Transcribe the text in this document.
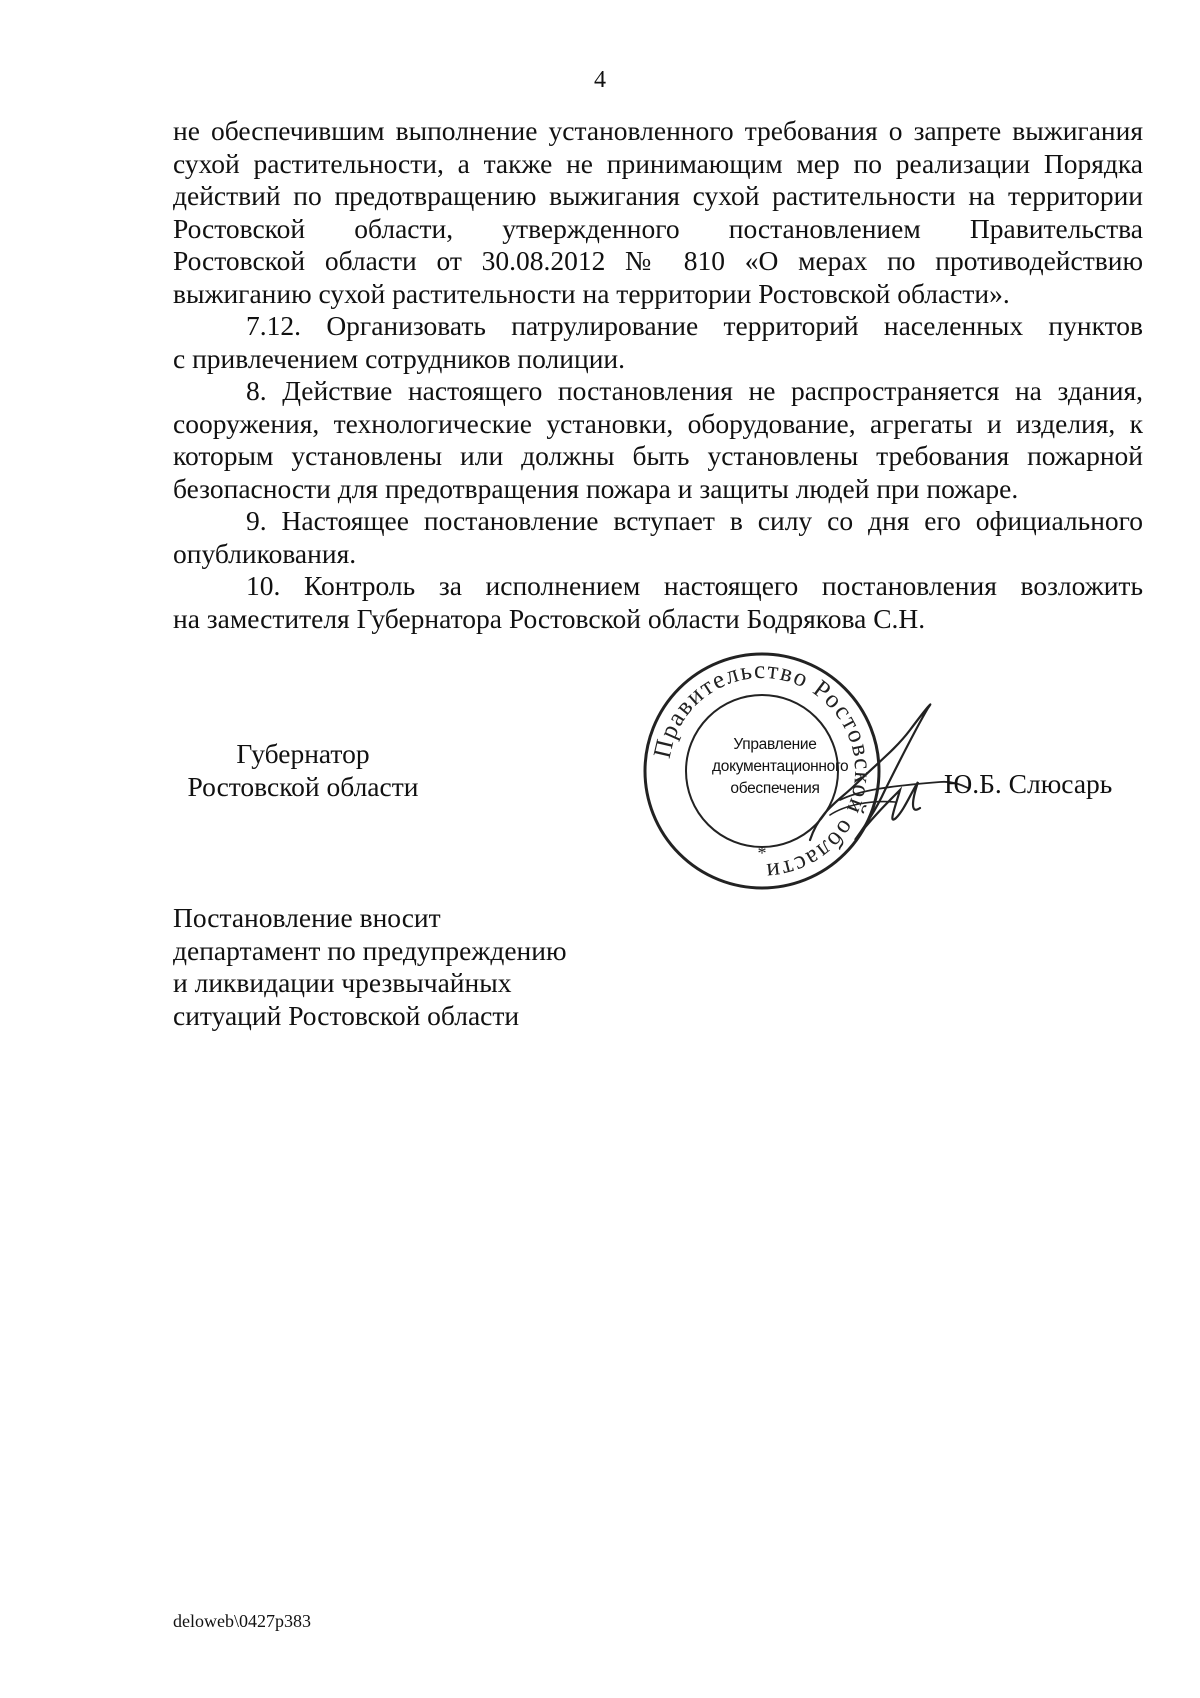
4

не обеспечившим выполнение установленного требования о запрете выжигания

сухой растительности, а также не принимающим мер по реализации Порядка

действий по предотвращению выжигания сухой растительности на территории

Ростовской области, утвержденного постановлением Правительства

Ростовской области от 30.08.2012 № 810 «О мерах по противодействию

выжиганию сухой растительности на территории Ростовской области».

7.12. Организовать патрулирование территорий населенных пунктов

с привлечением сотрудников полиции.

8. Действие настоящего постановления не распространяется на здания,

сооружения, технологические установки, оборудование, агрегаты и изделия, к которым установлены или должны быть установлены требования пожарной безопасности для предотвращения пожара и защиты людей при пожаре.

9. Настоящее постановление вступает в силу со дня его официального

опубликования.

10. Контроль за исполнением настоящего постановления возложить

на заместителя Губернатора Ростовской области Бодрякова С.Н.

Губернатор
Ростовской области
Правительство Ростовской области
*
Управление
документационного
обеспечения	Ю.Б. Слюсарь
Постановление вносит
департамент по предупреждению
и ликвидации чрезвычайных
ситуаций Ростовской области
deloweb\0427p383
